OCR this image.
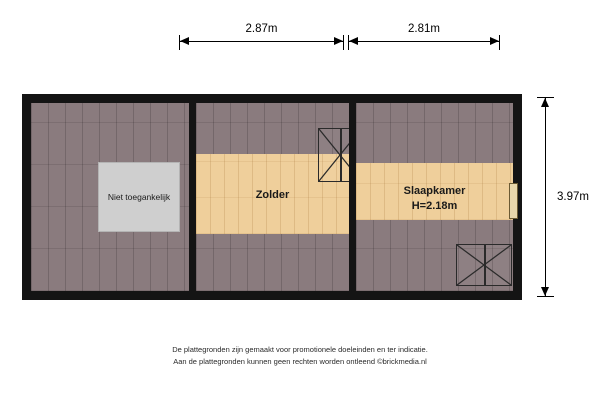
2.87m	2.81m
3.97m
Niet toegankelijk	Zolder	Slaapkamer
H=2.18m
De plattegronden zijn gemaakt voor promotionele doeleinden en ter indicatie.
Aan de plattegronden kunnen geen rechten worden ontleend ©brickmedia.nl
